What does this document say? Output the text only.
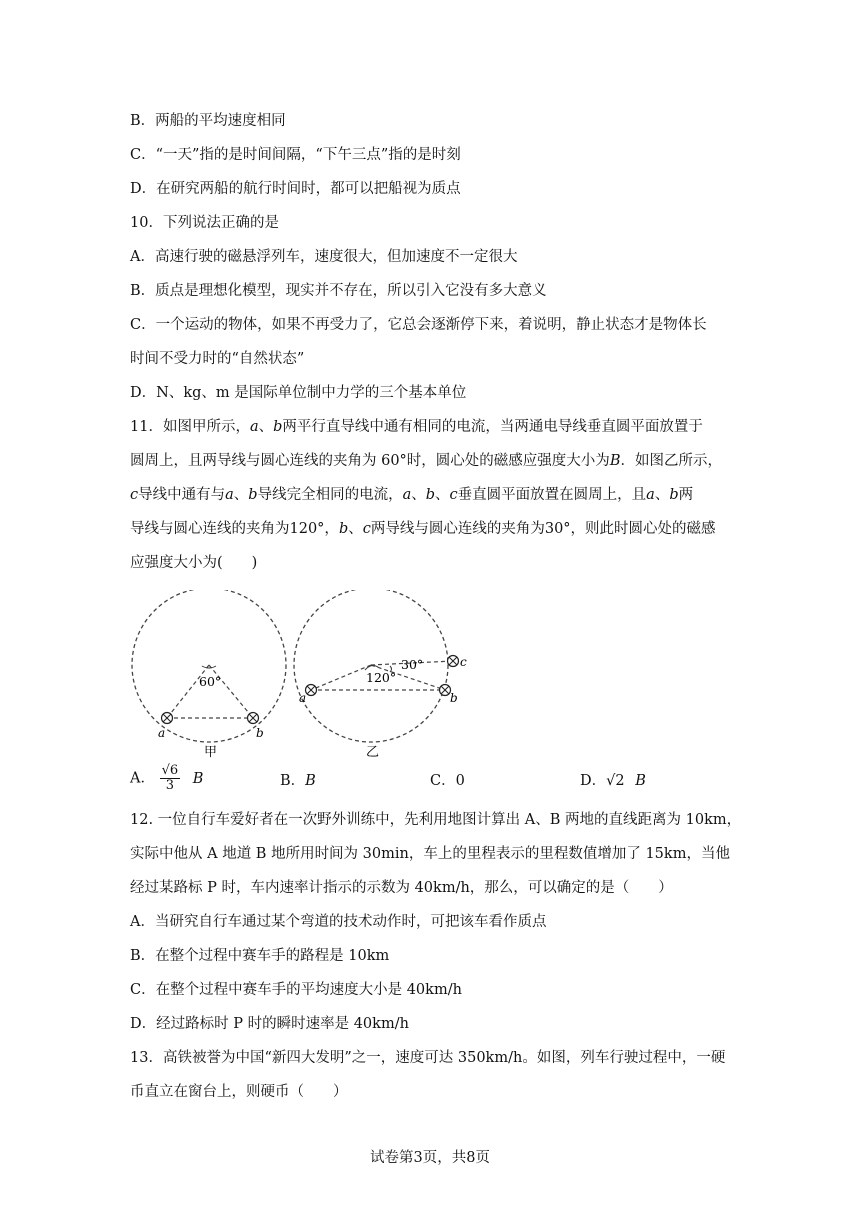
B．两船的平均速度相同
C．“一天”指的是时间间隔，“下午三点”指的是时刻
D．在研究两船的航行时间时，都可以把船视为质点
10．下列说法正确的是
A．高速行驶的磁悬浮列车，速度很大，但加速度不一定很大
B．质点是理想化模型，现实并不存在，所以引入它没有多大意义
C．一个运动的物体，如果不再受力了，它总会逐渐停下来，着说明，静止状态才是物体长
时间不受力时的“自然状态”
D．N、kg、m 是国际单位制中力学的三个基本单位
11．如图甲所示，a、b两平行直导线中通有相同的电流，当两通电导线垂直圆平面放置于
圆周上，且两导线与圆心连线的夹角为 60°时，圆心处的磁感应强度大小为B．如图乙所示，
c导线中通有与a、b导线完全相同的电流，a、b、c垂直圆平面放置在圆周上，且a、b两
导线与圆心连线的夹角为120°，b、c两导线与圆心连线的夹角为30°，则此时圆心处的磁感
应强度大小为(　　)
60°
a	b
甲
30°
120°
a	b
c
乙
A． $\frac{√6}{3}$ B	B．B	C．0	D．√2 B
12. 一位自行车爱好者在一次野外训练中，先利用地图计算出 A、B 两地的直线距离为 10km，
实际中他从 A 地道 B 地所用时间为 30min，车上的里程表示的里程数值增加了 15km，当他
经过某路标 P 时，车内速率计指示的示数为 40km/h，那么，可以确定的是（　　）
A．当研究自行车通过某个弯道的技术动作时，可把该车看作质点
B．在整个过程中赛车手的路程是 10km
C．在整个过程中赛车手的平均速度大小是 40km/h
D．经过路标时 P 时的瞬时速率是 40km/h
13．高铁被誉为中国“新四大发明”之一，速度可达 350km/h。如图，列车行驶过程中，一硬
币直立在窗台上，则硬币（　　）
试卷第3页，共8页
